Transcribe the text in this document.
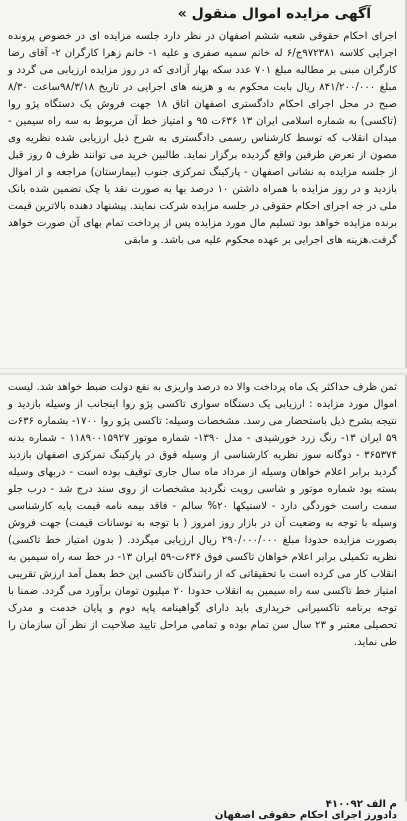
آگهی مزایده اموال منقول »
اجرای احکام حقوقی شعبه ششم اصفهان در نظر دارد جلسه مزایده ای در خصوص پرونده اجرایی کلاسه ۹۷۲۳۸۱ج/۶ له خانم سمیه صفری و علیه ۱- خانم زهرا کارگران ۲- آقای رضا کارگران مبنی بر مطالبه مبلغ ۷۰۱ عدد سکه بهار آزادی که در روز مزایده ارزیابی می گردد و مبلغ ۸۴۱/۲۰۰/۰۰۰ ریال بابت محکوم به و هزینه های اجرایی در تاریخ ۹۸/۳/۱۸ساعت ۸/۳۰ صبح در محل اجرای احکام دادگستری اصفهان اتاق ۱۸ جهت فروش یک دستگاه پژو روا (تاکسی) به شماره اسلامی ایران ۱۳ ۶۳۶ت ۹۵ و امتیاز خط آن مربوط به سه راه سیمین - میدان انقلاب که توسط کارشناس رسمی دادگستری به شرح ذیل ارزیابی شده نظریه وی مصون از تعرض طرفین واقع گردیده برگزار نماید. طالبین خرید می توانند ظرف ۵ روز قبل از جلسه مزایده به نشانی اصفهان - پارکینگ تمرکزی جنوب (بیمارستان) مراجعه و از اموال بازدید و در روز مزایده با همراه داشتن ۱۰ درصد بها به صورت نقد یا چک تضمین شده بانک ملی در جه اجرای احکام حقوقی در جلسه مزایده شرکت نمایند. پیشنهاد دهنده بالاترین قیمت برنده مزایده خواهد بود تسلیم مال مورد مزایده پس از پرداخت تمام بهای آن صورت خواهد گرفت.هزینه های اجرایی بر عهده محکوم علیه می باشد. و مابقی
ثمن ظرف حداکثر یک ماه پرداخت والا ده درصد واریزی به نفع دولت ضبط خواهد شد. لیست اموال مورد مزایده : ارزیابی یک دستگاه سواری تاکسی پژو روا اینجانب از وسیله بازدید و نتیجه بشرح ذیل باستحضار می رسد. مشخصات وسیله: تاکسی پژو روا ۱۷۰۰- بشماره ۶۳۶ت ۵۹ ایران ۱۳- رنگ زرد خورشیدی - مدل ۱۳۹۰- شماره موتور ۱۱۸۹۰۰۱۵۹۲۷ - شماره بدنه ۳۶۵۳۷۴ - دوگانه سوز نظریه کارشناسی از وسیله فوق در پارکینگ تمرکزی اصفهان بازدید گردید برابر اعلام خواهان وسیله از مرداد ماه سال جاری توقیف بوده است - دربهای وسیله بسته بود شماره موتور و شاسی رویت نگردید مشخصات از روی سند درج شد - درب جلو سمت راست خوردگی دارد - لاستیکها ۲۰% سالم - فاقد بیمه نامه قیمت پایه کارشناسی وسیله با توجه به وضعیت آن در بازار روز امروز ( با توجه به نوسانات قیمت) جهت فروش بصورت مزایده حدودا مبلغ ۲۹۰/۰۰۰/۰۰۰ ریال ارزیابی میگردد. ( بدون امتیاز خط تاکسی) نظریه تکمیلی برابر اعلام خواهان تاکسی فوق ۶۳۶ت-۵۹ ایران ۱۳- در خط سه راه سیمین به انقلاب کار می کرده است با تحقیقاتی که از رانندگان تاکسی این خط بعمل آمد ارزش تقریبی امتیاز خط تاکسی سه راه سیمین به انقلاب حدودا ۲۰ میلیون تومان برآورد می گردد. ضمنا با توجه برنامه تاکسیرانی خریداری باید دارای گواهینامه پایه دوم و پایان خدمت و مدرک تحصیلی معتبر و ۲۳ سال سن تمام بوده و تمامی مراحل تایید صلاحیت از نظر آن سازمان را طی نماید.
م الف ۴۱۰۰۹۲
دادورز اجرای احکام حقوقی اصفهان
